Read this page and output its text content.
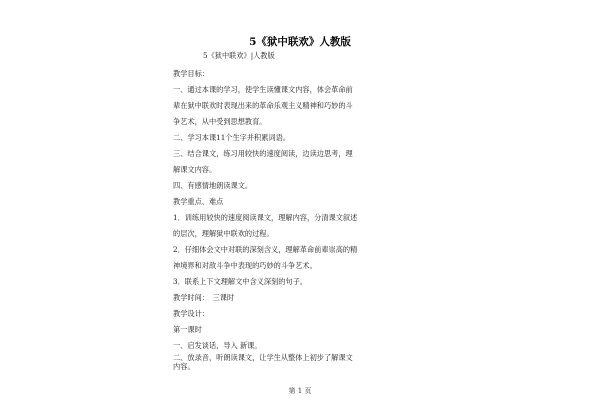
5《狱中联欢》人教版
5《狱中联欢》|人教版
教学目标：
一、通过本课的学习，使学生读懂课文内容，体会革命前
辈在狱中联欢时表现出来的革命乐观主义精神和巧妙的斗
争艺术，从中受到思想教育。
二、学习本课11个生字并积累词语。
三、结合课文，练习用较快的速度阅读，边读边思考，理
解课文内容。
四、有感情地朗读课文。
教学重点、难点
1．训练用较快的速度阅读课文，理解内容，分清课文叙述
的层次，理解狱中联欢的过程。
2．仔细体会文中对联的深刻含义，理解革命前辈崇高的精
神境界和对敌斗争中表现的巧妙的斗争艺术。
3．联系上下文理解文中含义深刻的句子。
教学时间：　三课时
教学设计：
第一课时
一、启发谈话，导入 新课。
二、放录音，听朗读课文，让学生从整体上初步了解课文
内容。
第 1 页
